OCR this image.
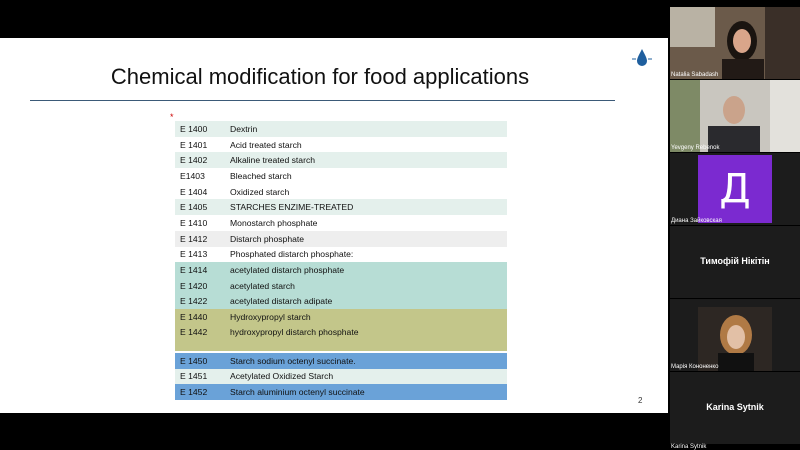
Chemical modification for food applications
*
E 1400	Dextrin
E 1401	Acid treated starch
E 1402	Alkaline treated starch
E1403	Bleached starch
E 1404	Oxidized starch
E 1405	STARCHES ENZIME-TREATED
E 1410	Monostarch phosphate
E 1412	Distarch phosphate
E 1413	Phosphated distarch phosphate:
E 1414	acetylated distarch phosphate
E 1420	acetylated starch
E 1422	acetylated distarch adipate
E 1440	Hydroxypropyl starch
E 1442	hydroxypropyl distarch phosphate

E 1450	Starch sodium octenyl succinate.
E 1451	Acetylated Oxidized Starch
E 1452	Starch aluminium octenyl succinate
2
Natalia Sabadash
Yevgeny Rebenok
Д
Диана Зайковская
Тимофій Нікітін
Марія Кононенко
Karina Sytnik
Karina Sytnik
